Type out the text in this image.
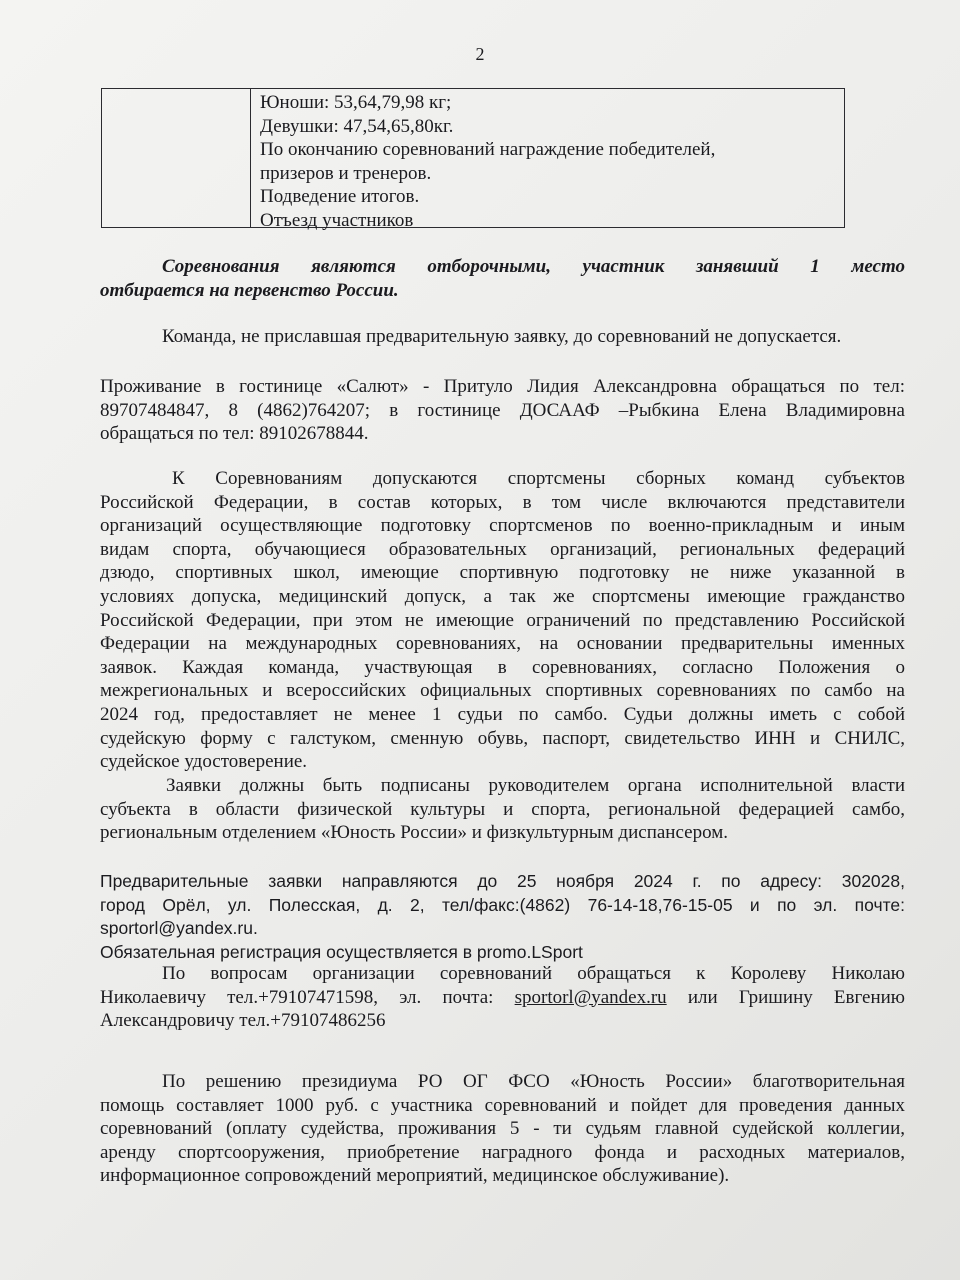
2
Юноши: 53,64,79,98 кг;
Девушки: 47,54,65,80кг.
По окончанию соревнований награждение победителей,
призеров и тренеров.
Подведение итогов.
Отъезд участников
Соревнования являются отборочными, участник занявший 1 место
отбирается на первенство России.
Команда, не приславшая предварительную заявку, до соревнований не допускается.
Проживание в гостинице «Салют» - Притуло Лидия Александровна обращаться по тел:
89707484847, 8 (4862)764207; в гостинице ДОСААФ –Рыбкина Елена Владимировна
обращаться по тел: 89102678844.
К Соревнованиям допускаются спортсмены сборных команд субъектов
Российской Федерации, в состав которых, в том числе включаются представители
организаций осуществляющие подготовку спортсменов по военно-прикладным и иным
видам спорта, обучающиеся образовательных организаций, региональных федераций
дзюдо, спортивных школ, имеющие спортивную подготовку не ниже указанной в
условиях допуска, медицинский допуск, а так же спортсмены имеющие гражданство
Российской Федерации, при этом не имеющие ограничений по представлению Российской
Федерации на международных соревнованиях, на основании предварительны именных
заявок. Каждая команда, участвующая в соревнованиях, согласно Положения о
межрегиональных и всероссийских официальных спортивных соревнованиях по самбо на
2024 год, предоставляет не менее 1 судьи по самбо. Судьи должны иметь с собой
судейскую форму с галстуком, сменную обувь, паспорт, свидетельство ИНН и СНИЛС,
судейское удостоверение.
Заявки должны быть подписаны руководителем органа исполнительной власти
субъекта в области физической культуры и спорта, региональной федерацией самбо,
региональным отделением «Юность России» и физкультурным диспансером.
Предварительные заявки направляются до 25 ноября 2024 г. по адресу: 302028,
город Орёл, ул. Полесская, д. 2, тел/факс:(4862) 76-14-18,76-15-05 и по эл. почте:
sportorl@yandex.ru.
Обязательная регистрация осуществляется в promo.LSport
По вопросам организации соревнований обращаться к Королеву Николаю
Николаевичу тел.+79107471598, эл. почта: sportorl@yandex.ru или Гришину Евгению
Александровичу тел.+79107486256
По решению президиума РО ОГ ФСО «Юность России» благотворительная
помощь составляет 1000 руб. с участника соревнований и пойдет для проведения данных
соревнований (оплату судейства, проживания 5 - ти судьям главной судейской коллегии,
аренду спортсооружения, приобретение наградного фонда и расходных материалов,
информационное сопровождений мероприятий, медицинское обслуживание).
